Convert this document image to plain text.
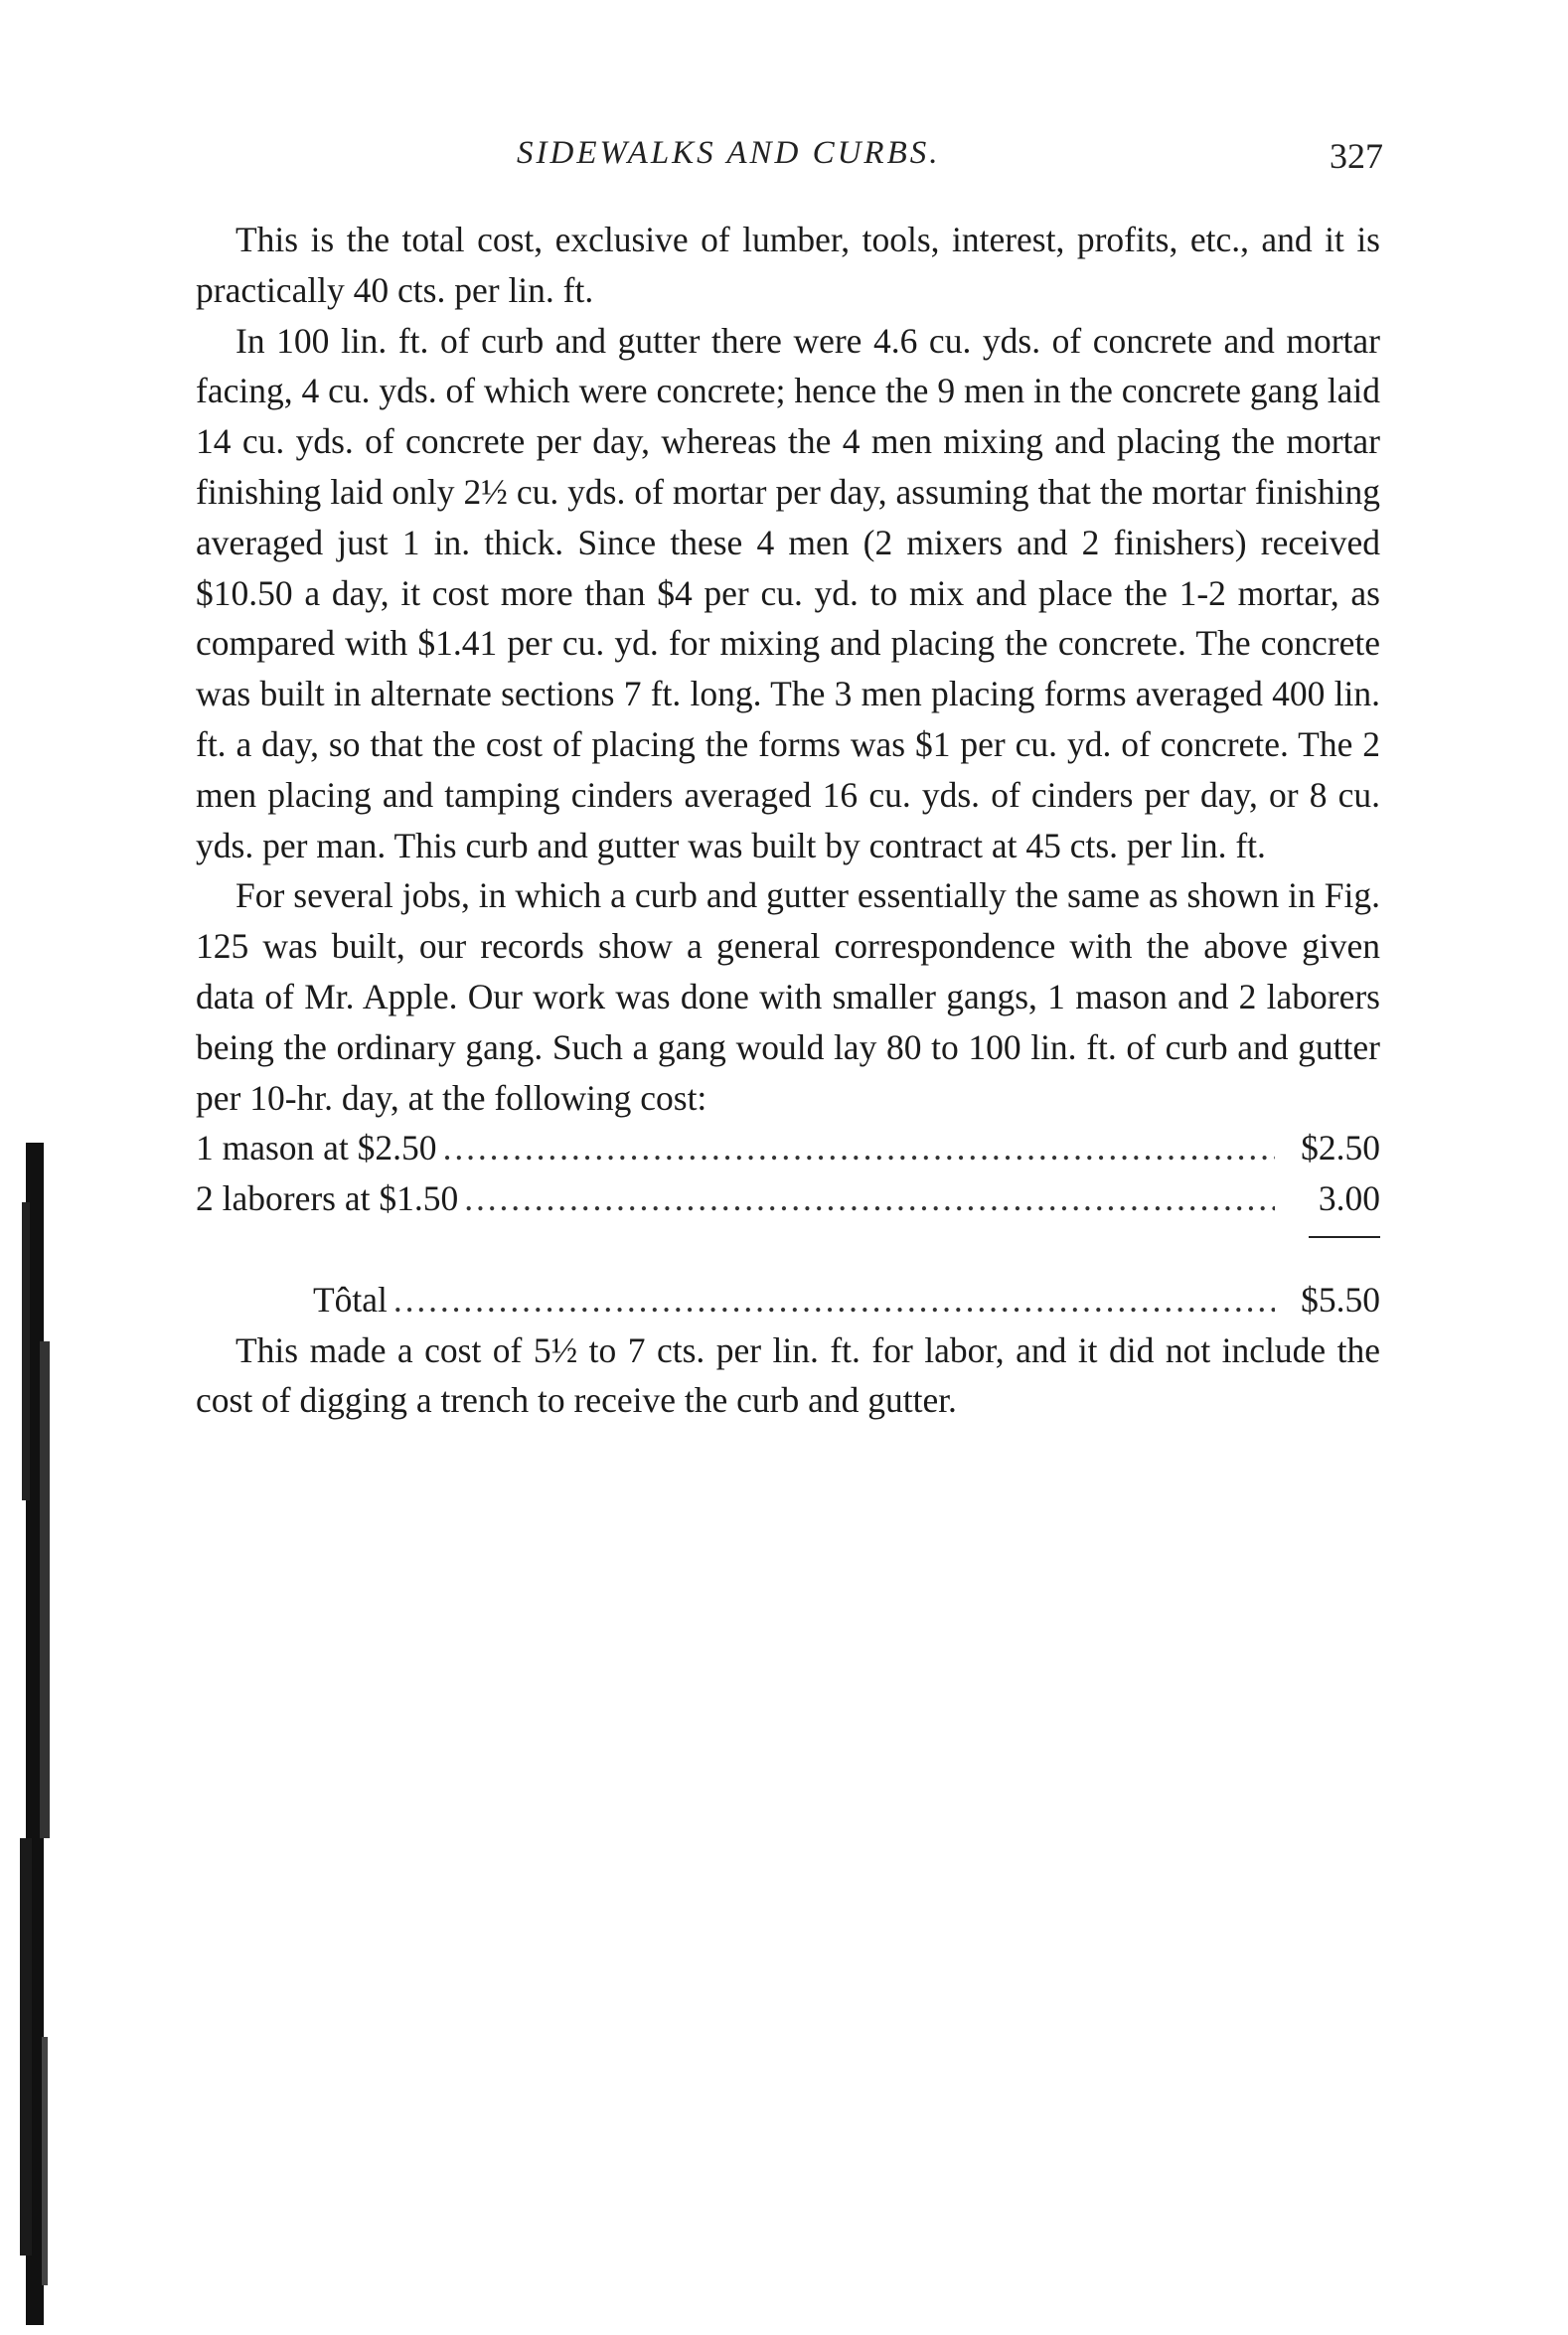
SIDEWALKS AND CURBS.	327

This is the total cost, exclusive of lumber, tools, interest, profits, etc., and it is practically 40 cts. per lin. ft.

In 100 lin. ft. of curb and gutter there were 4.6 cu. yds. of concrete and mortar facing, 4 cu. yds. of which were concrete; hence the 9 men in the concrete gang laid 14 cu. yds. of concrete per day, whereas the 4 men mixing and placing the mortar finishing laid only 2½ cu. yds. of mortar per day, assuming that the mortar finishing averaged just 1 in. thick. Since these 4 men (2 mixers and 2 finishers) received $10.50 a day, it cost more than $4 per cu. yd. to mix and place the 1-2 mortar, as compared with $1.41 per cu. yd. for mixing and placing the concrete. The concrete was built in alternate sections 7 ft. long. The 3 men placing forms averaged 400 lin. ft. a day, so that the cost of placing the forms was $1 per cu. yd. of concrete. The 2 men placing and tamping cinders averaged 16 cu. yds. of cinders per day, or 8 cu. yds. per man. This curb and gutter was built by contract at 45 cts. per lin. ft.

For several jobs, in which a curb and gutter essentially the same as shown in Fig. 125 was built, our records show a general correspondence with the above given data of Mr. Apple. Our work was done with smaller gangs, 1 mason and 2 laborers being the ordinary gang. Such a gang would lay 80 to 100 lin. ft. of curb and gutter per 10-hr. day, at the following cost:

1 mason at $2.50 . . .	$2.50
2 laborers at $1.50 . . .	3.00
Tôtal . . .	$5.50

This made a cost of 5½ to 7 cts. per lin. ft. for labor, and it did not include the cost of digging a trench to receive the curb and gutter.
